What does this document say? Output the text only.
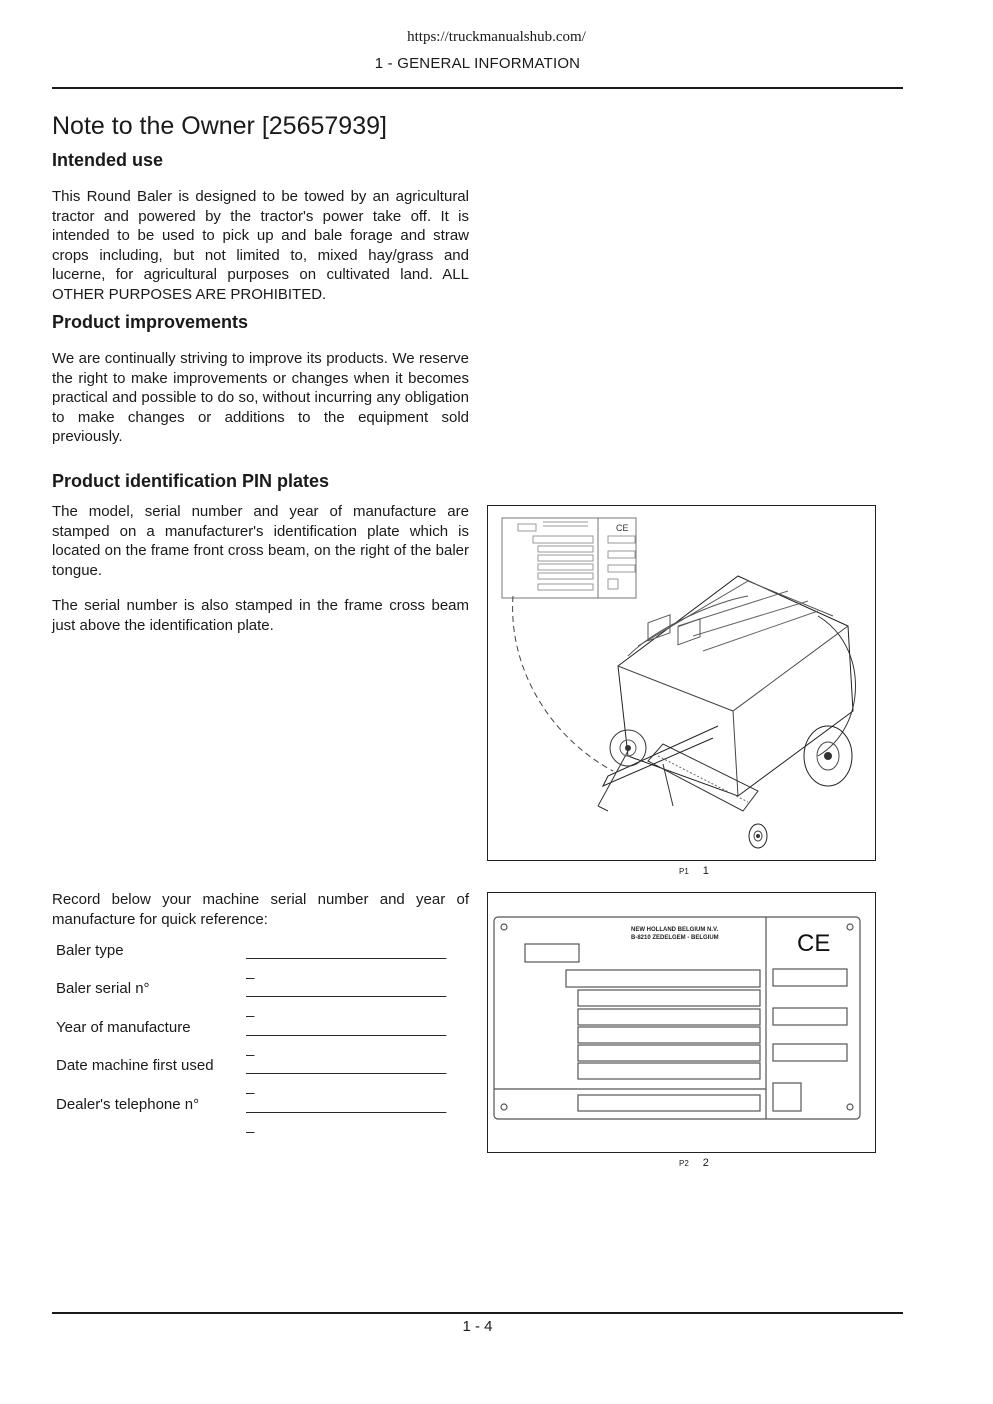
https://truckmanualshub.com/
1 - GENERAL INFORMATION
Note to the Owner [25657939]
Intended use

This Round Baler is designed to be towed by an agricultural tractor and powered by the tractor's power take off. It is intended to be used to pick up and bale forage and straw crops including, but not limited to, mixed hay/grass and lucerne, for agricultural purposes on cultivated land. ALL OTHER PURPOSES ARE PROHIBITED.

Product improvements

We are continually striving to improve its products. We reserve the right to make improvements or changes when it becomes practical and possible to do so, without incurring any obligation to make changes or additions to the equipment sold previously.

Product identification PIN plates

The model, serial number and year of manufacture are stamped on a manufacturer's identification plate which is located on the frame front cross beam, on the right of the baler tongue.

The serial number is also stamped in the frame cross beam just above the identification plate.

CE
P1 1

Record below your machine serial number and year of manufacture for quick reference:

Baler type	________________________
_
Baler serial n°	________________________
_
Year of manufacture	________________________
_
Date machine first used ________________________
_
Dealer's telephone n°	________________________
_
NEW HOLLAND BELGIUM N.V.
B-8210 ZEDELGEM - BELGIUM	CE
P2 2
1 - 4
